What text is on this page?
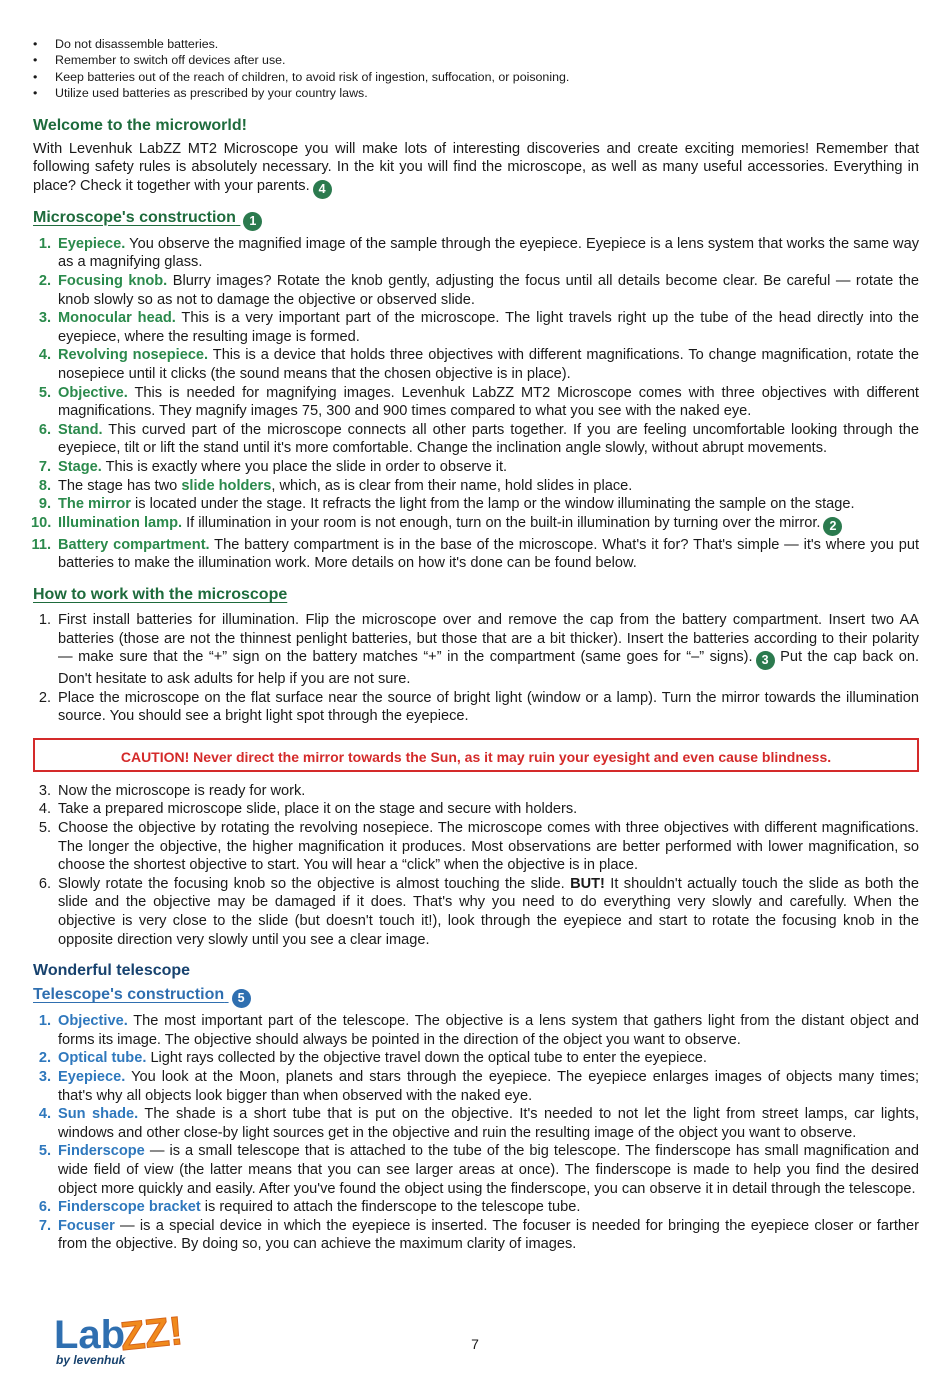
• Do not disassemble batteries.
• Remember to switch off devices after use.
• Keep batteries out of the reach of children, to avoid risk of ingestion, suffocation, or poisoning.
• Utilize used batteries as prescribed by your country laws.
Welcome to the microworld!

With Levenhuk LabZZ MT2 Microscope you will make lots of interesting discoveries and create exciting memories! Remember that following safety rules is absolutely necessary. In the kit you will find the microscope, as well as many useful accessories. Everything in place? Check it together with your parents. 4

Microscope's construction 1
1. Eyepiece. You observe the magnified image of the sample through the eyepiece. Eyepiece is a lens system that works the same way as a magnifying glass.
2. Focusing knob. Blurry images? Rotate the knob gently, adjusting the focus until all details become clear. Be careful — rotate the knob slowly so as not to damage the objective or observed slide.
3. Monocular head. This is a very important part of the microscope. The light travels right up the tube of the head directly into the eyepiece, where the resulting image is formed.
4. Revolving nosepiece. This is a device that holds three objectives with different magnifications. To change magnification, rotate the nosepiece until it clicks (the sound means that the chosen objective is in place).
5. Objective. This is needed for magnifying images. Levenhuk LabZZ MT2 Microscope comes with three objectives with different magnifications. They magnify images 75, 300 and 900 times compared to what you see with the naked eye.
6. Stand. This curved part of the microscope connects all other parts together. If you are feeling uncomfortable looking through the eyepiece, tilt or lift the stand until it's more comfortable. Change the inclination angle slowly, without abrupt movements.
7. Stage. This is exactly where you place the slide in order to observe it.
8. The stage has two slide holders, which, as is clear from their name, hold slides in place.
9. The mirror is located under the stage. It refracts the light from the lamp or the window illuminating the sample on the stage.
10. Illumination lamp. If illumination in your room is not enough, turn on the built-in illumination by turning over the mirror. 2
11. Battery compartment. The battery compartment is in the base of the microscope. What's it for? That's simple — it's where you put batteries to make the illumination work. More details on how it's done can be found below.
How to work with the microscope
1. First install batteries for illumination. Flip the microscope over and remove the cap from the battery compartment. Insert two AA batteries (those are not the thinnest penlight batteries, but those that are a bit thicker). Insert the batteries according to their polarity — make sure that the “+” sign on the battery matches “+” in the compartment (same goes for “–” signs). 3 Put the cap back on. Don't hesitate to ask adults for help if you are not sure.
2. Place the microscope on the flat surface near the source of bright light (window or a lamp). Turn the mirror towards the illumination source. You should see a bright light spot through the eyepiece.
CAUTION! Never direct the mirror towards the Sun, as it may ruin your eyesight and even cause blindness.
3. Now the microscope is ready for work.
4. Take a prepared microscope slide, place it on the stage and secure with holders.
5. Choose the objective by rotating the revolving nosepiece. The microscope comes with three objectives with different magnifications. The longer the objective, the higher magnification it produces. Most observations are better performed with lower magnification, so choose the shortest objective to start. You will hear a “click” when the objective is in place.
6. Slowly rotate the focusing knob so the objective is almost touching the slide. BUT! It shouldn't actually touch the slide as both the slide and the objective may be damaged if it does. That's why you need to do everything very slowly and carefully. When the objective is very close to the slide (but doesn't touch it!), look through the eyepiece and start to rotate the focusing knob in the opposite direction very slowly until you see a clear image.
Wonderful telescope
Telescope's construction 5
1. Objective. The most important part of the telescope. The objective is a lens system that gathers light from the distant object and forms its image. The objective should always be pointed in the direction of the object you want to observe.
2. Optical tube. Light rays collected by the objective travel down the optical tube to enter the eyepiece.
3. Eyepiece. You look at the Moon, planets and stars through the eyepiece. The eyepiece enlarges images of objects many times; that's why all objects look bigger than when observed with the naked eye.
4. Sun shade. The shade is a short tube that is put on the objective. It's needed to not let the light from street lamps, car lights, windows and other close-by light sources get in the objective and ruin the resulting image of the object you want to observe.
5. Finderscope — is a small telescope that is attached to the tube of the big telescope. The finderscope has small magnification and wide field of view (the latter means that you can see larger areas at once). The finderscope is made to help you find the desired object more quickly and easily. After you've found the object using the finderscope, you can observe it in detail through the telescope.
6. Finderscope bracket is required to attach the finderscope to the telescope tube.
7. Focuser — is a special device in which the eyepiece is inserted. The focuser is needed for bringing the eyepiece closer or farther from the objective. By doing so, you can achieve the maximum clarity of images.
Lab
ZZ!
by levenhuk
7
